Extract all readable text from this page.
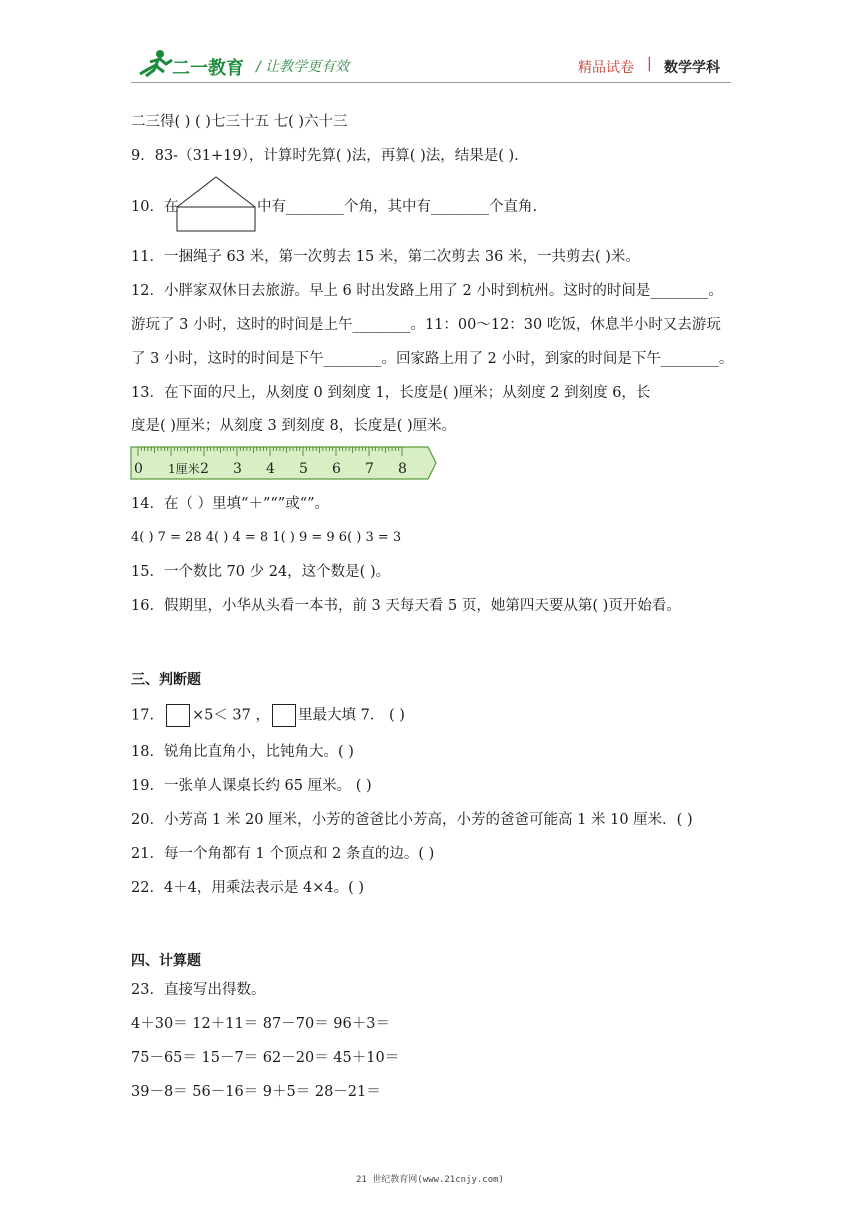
二一教育 / 让教学更有效	精品试卷 | 数学学科
二三得( ) ( )七三十五 七( )六十三
9．83-（31+19），计算时先算( )法，再算( )法，结果是( ).
10．在	中有________个角，其中有________个直角.
11．一捆绳子 63 米，第一次剪去 15 米，第二次剪去 36 米，一共剪去( )米。
12．小胖家双休日去旅游。早上 6 时出发路上用了 2 小时到杭州。这时的时间是________。
游玩了 3 小时，这时的时间是上午________。11：00～12：30 吃饭，休息半小时又去游玩
了 3 小时，这时的时间是下午________。回家路上用了 2 小时，到家的时间是下午________。
13．在下面的尺上，从刻度 0 到刻度 1，长度是( )厘米；从刻度 2 到刻度 6，长
度是( )厘米；从刻度 3 到刻度 8，长度是( )厘米。
0 1厘米 2 3 4 5 6 7 8
14．在（ ）里填“＋”“”或“”。
4( ) 7 = 28 4( ) 4 = 8 1( ) 9 = 9 6( ) 3 = 3
15．一个数比 70 少 24，这个数是( )。
16．假期里，小华从头看一本书，前 3 天每天看 5 页，她第四天要从第( )页开始看。
三、判断题
17． ×5＜ 37 ， 里最大填 7． ( )
18．锐角比直角小，比钝角大。( )
19．一张单人课桌长约 65 厘米。 ( )
20．小芳高 1 米 20 厘米，小芳的爸爸比小芳高，小芳的爸爸可能高 1 米 10 厘米．( )
21．每一个角都有 1 个顶点和 2 条直的边。( )
22．4＋4，用乘法表示是 4×4。( )
四、计算题
23．直接写出得数。
4＋30＝ 12＋11＝ 87－70＝ 96＋3＝
75－65＝ 15－7＝ 62－20＝ 45＋10＝
39－8＝ 56－16＝ 9＋5＝ 28－21＝
21 世纪教育网(www.21cnjy.com)
